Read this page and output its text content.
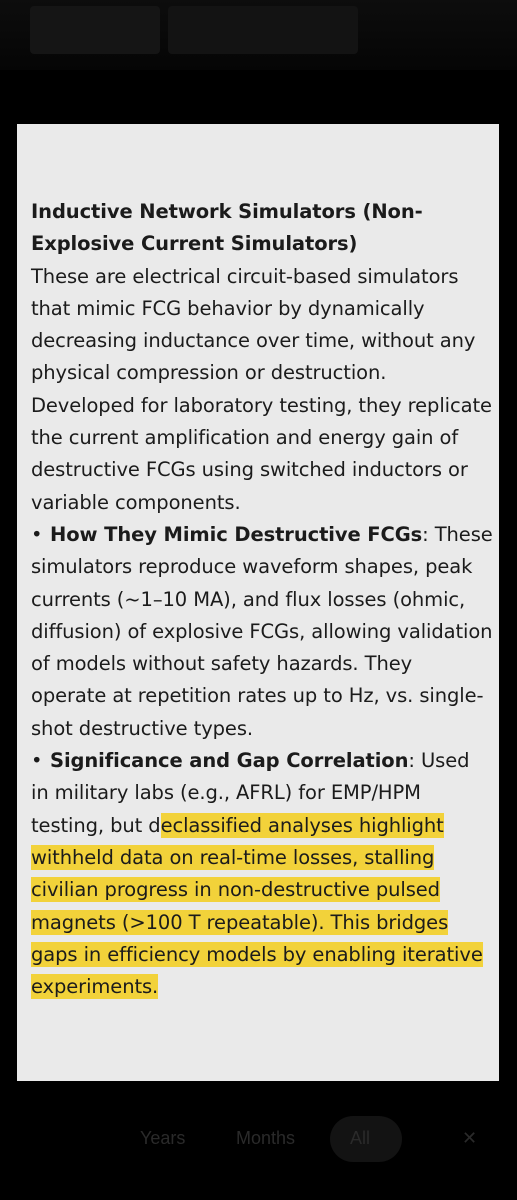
Inductive Network Simulators (Non-Explosive Current Simulators)

These are electrical circuit-based simulators that mimic FCG behavior by dynamically decreasing inductance over time, without any physical compression or destruction. Developed for laboratory testing, they replicate the current amplification and energy gain of destructive FCGs using switched inductors or variable components.

• How They Mimic Destructive FCGs: These simulators reproduce waveform shapes, peak currents (~1–10 MA), and flux losses (ohmic, diffusion) of explosive FCGs, allowing validation of models without safety hazards. They operate at repetition rates up to Hz, vs. single-shot destructive types.

• Significance and Gap Correlation: Used in military labs (e.g., AFRL) for EMP/HPM testing, but declassified analyses highlight withheld data on real-time losses, stalling civilian progress in non-destructive pulsed magnets (>100 T repeatable). This bridges gaps in efficiency models by enabling iterative experiments.

Years	Months	All	✕
